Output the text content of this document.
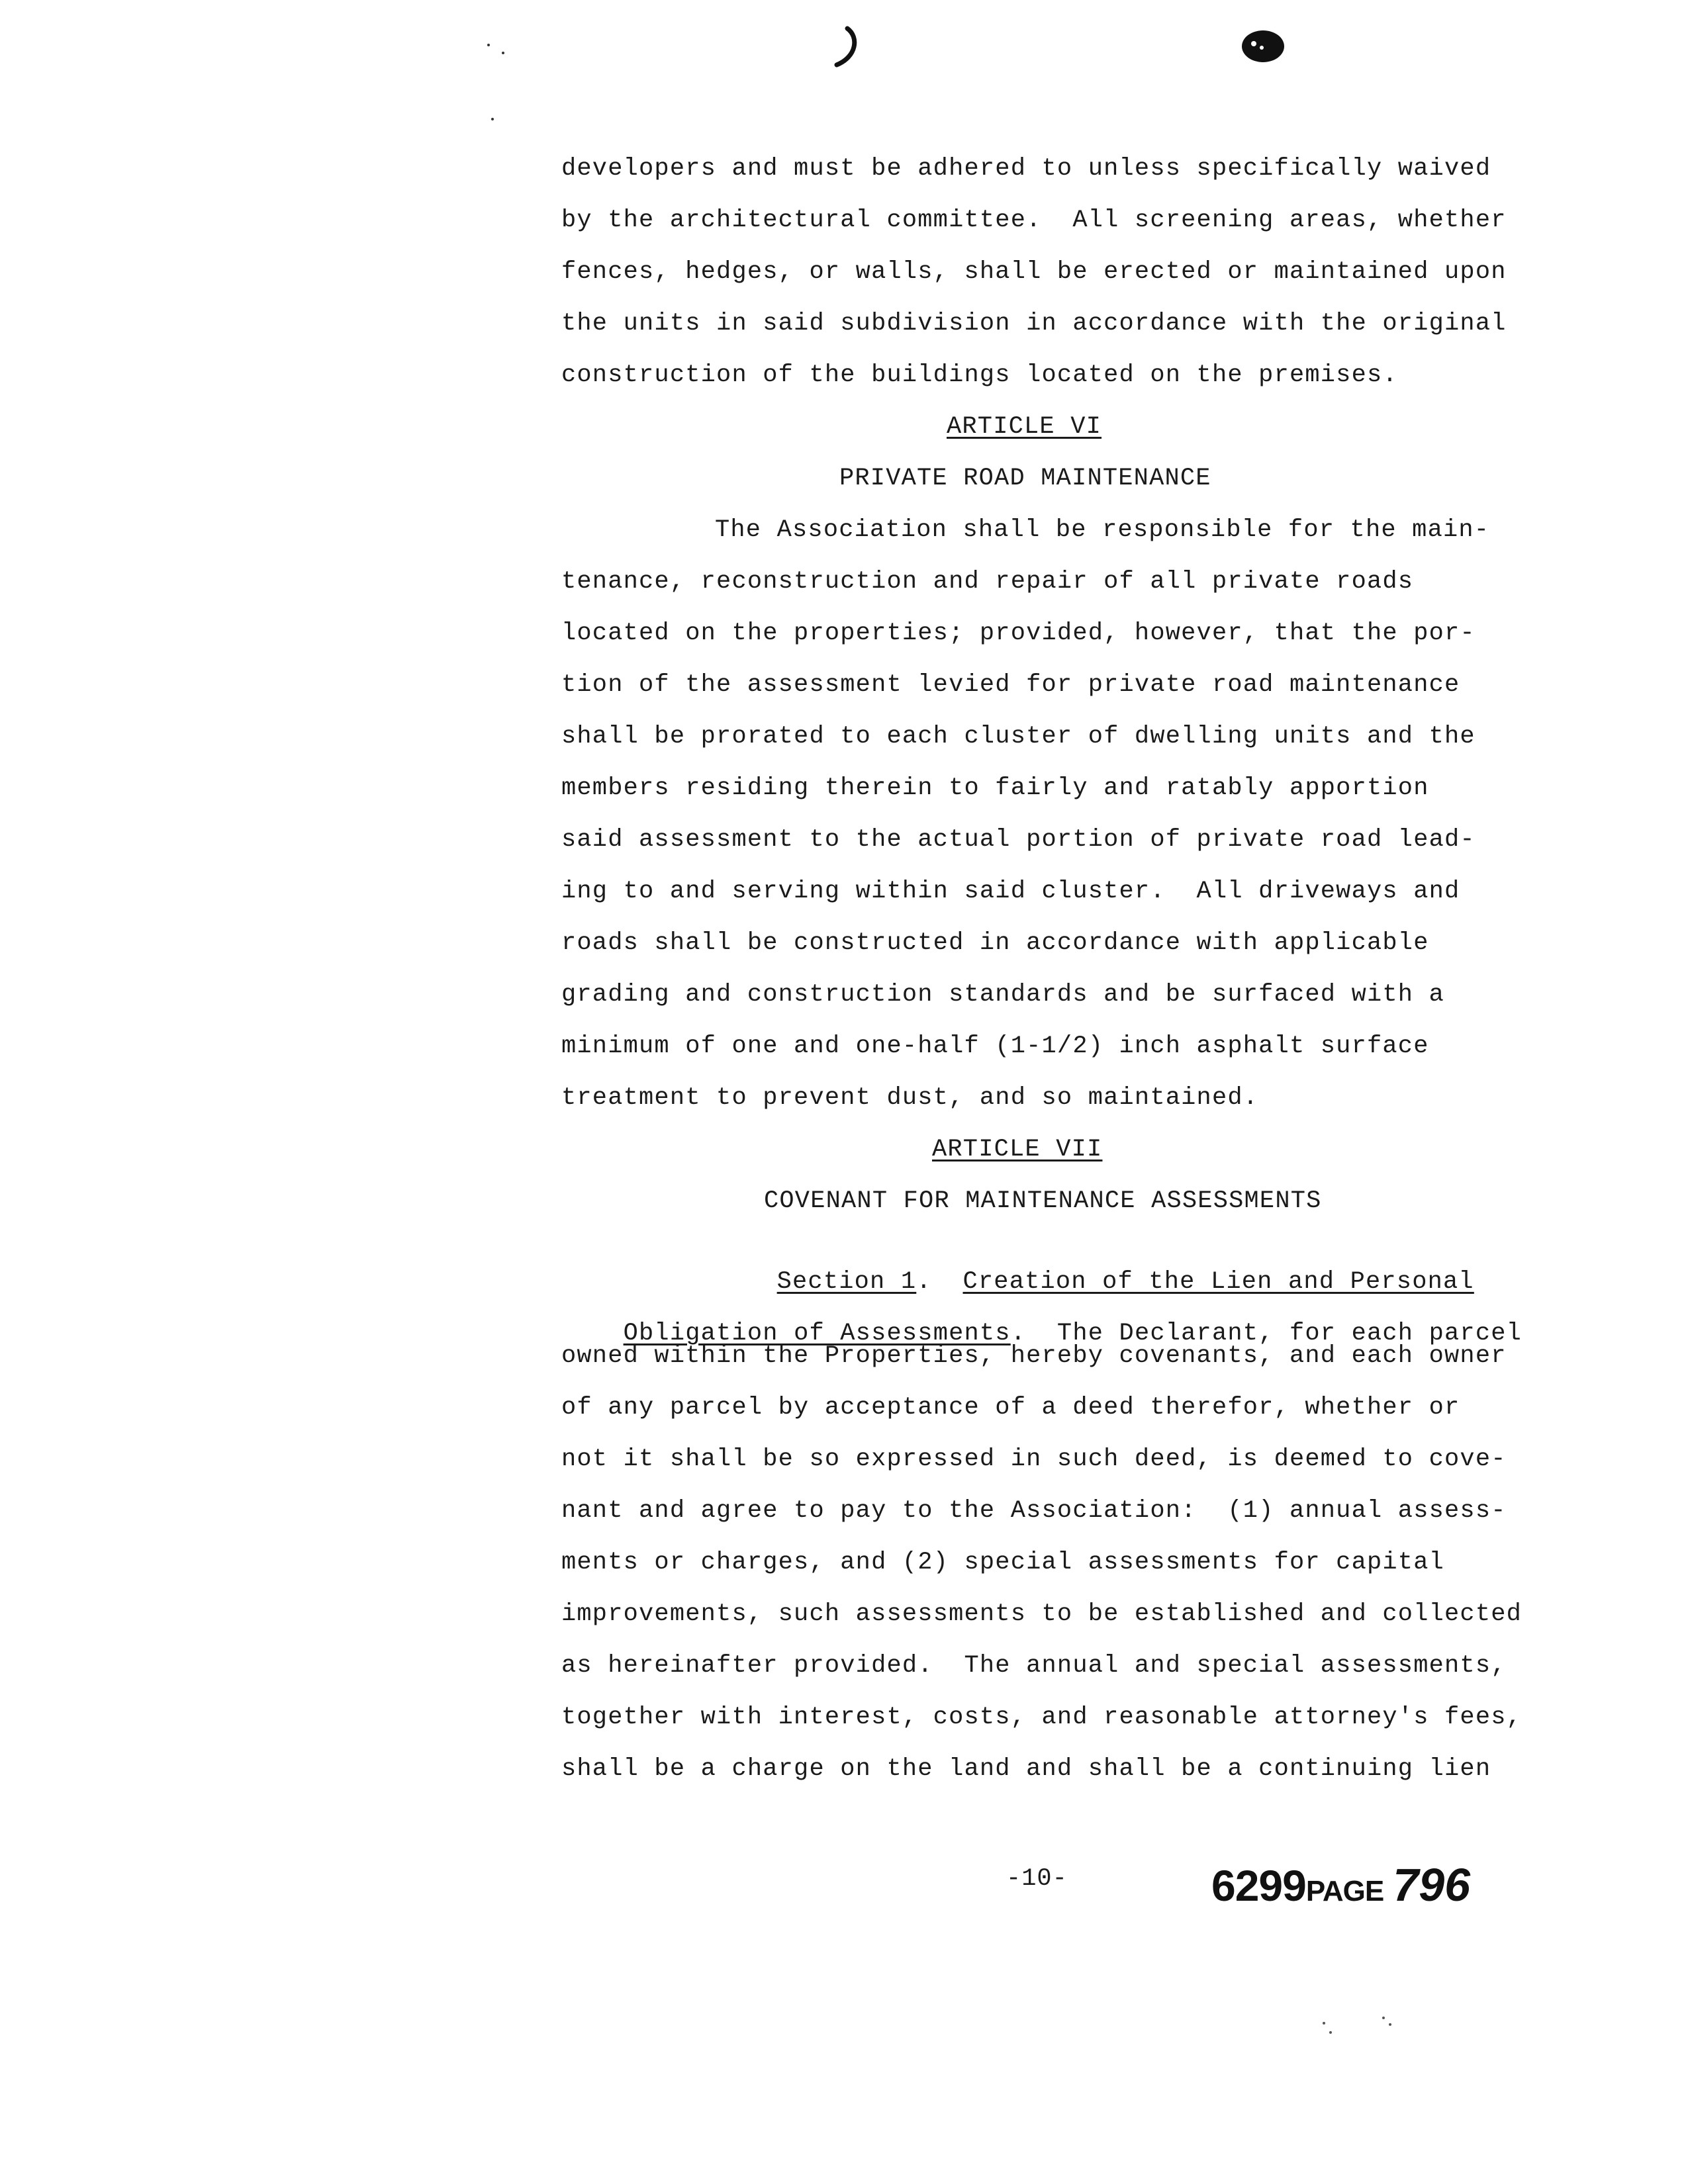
developers and must be adhered to unless specifically waived
by the architectural committee.  All screening areas, whether
fences, hedges, or walls, shall be erected or maintained upon
the units in said subdivision in accordance with the original
construction of the buildings located on the premises.
ARTICLE VI
PRIVATE ROAD MAINTENANCE
The Association shall be responsible for the main-
tenance, reconstruction and repair of all private roads
located on the properties; provided, however, that the por-
tion of the assessment levied for private road maintenance
shall be prorated to each cluster of dwelling units and the
members residing therein to fairly and ratably apportion
said assessment to the actual portion of private road lead-
ing to and serving within said cluster.  All driveways and
roads shall be constructed in accordance with applicable
grading and construction standards and be surfaced with a
minimum of one and one-half (1-1/2) inch asphalt surface
treatment to prevent dust, and so maintained.
ARTICLE VII
COVENANT FOR MAINTENANCE ASSESSMENTS

Section 1.  Creation of the Lien and Personal

Obligation of Assessments.  The Declarant, for each parcel

owned within the Properties, hereby covenants, and each owner
of any parcel by acceptance of a deed therefor, whether or
not it shall be so expressed in such deed, is deemed to cove-
nant and agree to pay to the Association:  (1) annual assess-
ments or charges, and (2) special assessments for capital
improvements, such assessments to be established and collected
as hereinafter provided.  The annual and special assessments,
together with interest, costs, and reasonable attorney's fees,
shall be a charge on the land and shall be a continuing lien
-10-	6299PAGE 796
